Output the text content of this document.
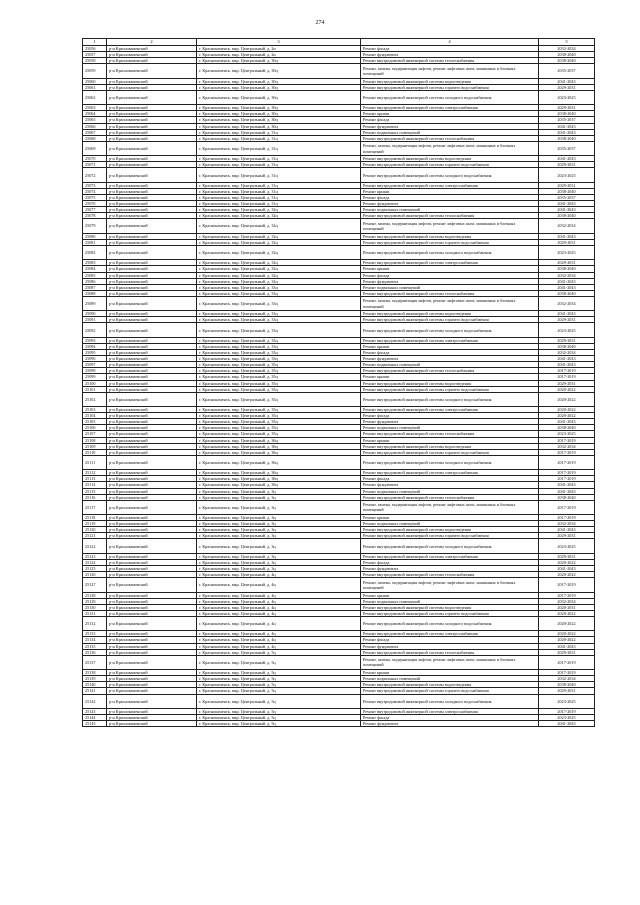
274
1	2	3	4	5
25056	р-н Краснокаменский	г. Краснокаменск, мкр. Центральный, д. 2и	Ремонт фасада	2032-2034
25057	р-н Краснокаменский	г. Краснокаменск, мкр. Центральный, д. 2и	Ремонт фундамента	2038-2040
25058	р-н Краснокаменский	г. Краснокаменск, мкр. Центральный, д. 30ц	Ремонт внутридомовой инженерной системы теплоснабжения	2038-2040
25059	р-н Краснокаменский	г. Краснокаменск, мкр. Центральный, д. 30ц	Ремонт, замена, модернизация лифтов, ремонт лифтовых шахт, машинных и блочных помещений	2035-2037
25060	р-н Краснокаменский	г. Краснокаменск, мкр. Центральный, д. 30ц	Ремонт внутридомовой инженерной системы водоотведения	2041-2043
25061	р-н Краснокаменский	г. Краснокаменск, мкр. Центральный, д. 30ц	Ремонт внутридомовой инженерной системы горячего водоснабжения	2029-2031
25062	р-н Краснокаменский	г. Краснокаменск, мкр. Центральный, д. 30ц	Ремонт внутридомовой инженерной системы холодного водоснабжения	2023-2025
25063	р-н Краснокаменский	г. Краснокаменск, мкр. Центральный, д. 30ц	Ремонт внутридомовой инженерной системы электроснабжения	2029-2031
25064	р-н Краснокаменский	г. Краснокаменск, мкр. Центральный, д. 30ц	Ремонт крыши	2038-2040
25065	р-н Краснокаменский	г. Краснокаменск, мкр. Центральный, д. 30ц	Ремонт фасада	2035-2037
25066	р-н Краснокаменский	г. Краснокаменск, мкр. Центральный, д. 30ц	Ремонт фундамента	2041-2043
25067	р-н Краснокаменский	г. Краснокаменск, мкр. Центральный, д. 31ц	Ремонт подвальных помещений	2041-2043
25068	р-н Краснокаменский	г. Краснокаменск, мкр. Центральный, д. 31ц	Ремонт внутридомовой инженерной системы теплоснабжения	2038-2040
25069	р-н Краснокаменский	г. Краснокаменск, мкр. Центральный, д. 31ц	Ремонт, замена, модернизация лифтов, ремонт лифтовых шахт, машинных и блочных помещений	2035-2037
25070	р-н Краснокаменский	г. Краснокаменск, мкр. Центральный, д. 31ц	Ремонт внутридомовой инженерной системы водоотведения	2041-2043
25071	р-н Краснокаменский	г. Краснокаменск, мкр. Центральный, д. 31ц	Ремонт внутридомовой инженерной системы горячего водоснабжения	2029-2031
25072	р-н Краснокаменский	г. Краснокаменск, мкр. Центральный, д. 31ц	Ремонт внутридомовой инженерной системы холодного водоснабжения	2023-2025
25073	р-н Краснокаменский	г. Краснокаменск, мкр. Центральный, д. 31ц	Ремонт внутридомовой инженерной системы электроснабжения	2029-2031
25074	р-н Краснокаменский	г. Краснокаменск, мкр. Центральный, д. 31ц	Ремонт крыши	2038-2040
25075	р-н Краснокаменский	г. Краснокаменск, мкр. Центральный, д. 31ц	Ремонт фасада	2035-2037
25076	р-н Краснокаменский	г. Краснокаменск, мкр. Центральный, д. 31ц	Ремонт фундамента	2041-2043
25077	р-н Краснокаменский	г. Краснокаменск, мкр. Центральный, д. 32ц	Ремонт подвальных помещений	2041-2043
25078	р-н Краснокаменский	г. Краснокаменск, мкр. Центральный, д. 32ц	Ремонт внутридомовой инженерной системы теплоснабжения	2038-2040
25079	р-н Краснокаменский	г. Краснокаменск, мкр. Центральный, д. 32ц	Ремонт, замена, модернизация лифтов, ремонт лифтовых шахт, машинных и блочных помещений	2032-2034
25080	р-н Краснокаменский	г. Краснокаменск, мкр. Центральный, д. 32ц	Ремонт внутридомовой инженерной системы водоотведения	2041-2043
25081	р-н Краснокаменский	г. Краснокаменск, мкр. Центральный, д. 32ц	Ремонт внутридомовой инженерной системы горячего водоснабжения	2029-2031
25082	р-н Краснокаменский	г. Краснокаменск, мкр. Центральный, д. 32ц	Ремонт внутридомовой инженерной системы холодного водоснабжения	2023-2025
25083	р-н Краснокаменский	г. Краснокаменск, мкр. Центральный, д. 32ц	Ремонт внутридомовой инженерной системы электроснабжения	2029-2031
25084	р-н Краснокаменский	г. Краснокаменск, мкр. Центральный, д. 32ц	Ремонт крыши	2038-2040
25085	р-н Краснокаменский	г. Краснокаменск, мкр. Центральный, д. 32ц	Ремонт фасада	2032-2034
25086	р-н Краснокаменский	г. Краснокаменск, мкр. Центральный, д. 32ц	Ремонт фундамента	2041-2043
25087	р-н Краснокаменский	г. Краснокаменск, мкр. Центральный, д. 33ц	Ремонт подвальных помещений	2041-2043
25088	р-н Краснокаменский	г. Краснокаменск, мкр. Центральный, д. 33ц	Ремонт внутридомовой инженерной системы теплоснабжения	2038-2040
25089	р-н Краснокаменский	г. Краснокаменск, мкр. Центральный, д. 33ц	Ремонт, замена, модернизация лифтов, ремонт лифтовых шахт, машинных и блочных помещений	2032-2034
25090	р-н Краснокаменский	г. Краснокаменск, мкр. Центральный, д. 33ц	Ремонт внутридомовой инженерной системы водоотведения	2041-2043
25091	р-н Краснокаменский	г. Краснокаменск, мкр. Центральный, д. 33ц	Ремонт внутридомовой инженерной системы горячего водоснабжения	2029-2031
25092	р-н Краснокаменский	г. Краснокаменск, мкр. Центральный, д. 33ц	Ремонт внутридомовой инженерной системы холодного водоснабжения	2023-2025
25093	р-н Краснокаменский	г. Краснокаменск, мкр. Центральный, д. 33ц	Ремонт внутридомовой инженерной системы электроснабжения	2029-2031
25094	р-н Краснокаменский	г. Краснокаменск, мкр. Центральный, д. 33ц	Ремонт крыши	2038-2040
25095	р-н Краснокаменский	г. Краснокаменск, мкр. Центральный, д. 33ц	Ремонт фасада	2032-2034
25096	р-н Краснокаменский	г. Краснокаменск, мкр. Центральный, д. 33ц	Ремонт фундамента	2041-2043
25097	р-н Краснокаменский	г. Краснокаменск, мкр. Центральный, д. 35ц	Ремонт подвальных помещений	2041-2043
25098	р-н Краснокаменский	г. Краснокаменск, мкр. Центральный, д. 35ц	Ремонт внутридомовой инженерной системы теплоснабжения	2017-2019
25099	р-н Краснокаменский	г. Краснокаменск, мкр. Центральный, д. 35ц	Ремонт крыши	2017-2019
25100	р-н Краснокаменский	г. Краснокаменск, мкр. Центральный, д. 35ц	Ремонт внутридомовой инженерной системы водоотведения	2029-2031
25101	р-н Краснокаменский	г. Краснокаменск, мкр. Центральный, д. 35ц	Ремонт внутридомовой инженерной системы горячего водоснабжения	2020-2022
25102	р-н Краснокаменский	г. Краснокаменск, мкр. Центральный, д. 35ц	Ремонт внутридомовой инженерной системы холодного водоснабжения	2020-2022
25103	р-н Краснокаменский	г. Краснокаменск, мкр. Центральный, д. 35ц	Ремонт внутридомовой инженерной системы электроснабжения	2020-2022
25104	р-н Краснокаменский	г. Краснокаменск, мкр. Центральный, д. 35ц	Ремонт фасада	2020-2022
25105	р-н Краснокаменский	г. Краснокаменск, мкр. Центральный, д. 35ц	Ремонт фундамента	2041-2043
25106	р-н Краснокаменский	г. Краснокаменск, мкр. Центральный, д. 35ц	Ремонт подвальных помещений	2038-2040
25107	р-н Краснокаменский	г. Краснокаменск, мкр. Центральный, д. 35ц	Ремонт внутридомовой инженерной системы теплоснабжения	2023-2025
25108	р-н Краснокаменский	г. Краснокаменск, мкр. Центральный, д. 36ц	Ремонт крыши	2017-2019
25109	р-н Краснокаменский	г. Краснокаменск, мкр. Центральный, д. 36ц	Ремонт внутридомовой инженерной системы водоотведения	2032-2034
25110	р-н Краснокаменский	г. Краснокаменск, мкр. Центральный, д. 36ц	Ремонт внутридомовой инженерной системы горячего водоснабжения	2017-2019
25111	р-н Краснокаменский	г. Краснокаменск, мкр. Центральный, д. 36ц	Ремонт внутридомовой инженерной системы холодного водоснабжения	2017-2019
25112	р-н Краснокаменский	г. Краснокаменск, мкр. Центральный, д. 36ц	Ремонт внутридомовой инженерной системы электроснабжения	2017-2019
25113	р-н Краснокаменский	г. Краснокаменск, мкр. Центральный, д. 36ц	Ремонт фасада	2017-2019
25114	р-н Краснокаменский	г. Краснокаменск, мкр. Центральный, д. 36ц	Ремонт фундамента	2041-2043
25115	р-н Краснокаменский	г. Краснокаменск, мкр. Центральный, д. 3ц	Ремонт подвальных помещений	2041-2043
25116	р-н Краснокаменский	г. Краснокаменск, мкр. Центральный, д. 3ц	Ремонт внутридомовой инженерной системы теплоснабжения	2038-2040
25117	р-н Краснокаменский	г. Краснокаменск, мкр. Центральный, д. 3ц	Ремонт, замена, модернизация лифтов, ремонт лифтовых шахт, машинных и блочных помещений	2017-2019
25118	р-н Краснокаменский	г. Краснокаменск, мкр. Центральный, д. 3ц	Ремонт крыши	2017-2019
25119	р-н Краснокаменский	г. Краснокаменск, мкр. Центральный, д. 3ц	Ремонт подвальных помещений	2032-2034
25120	р-н Краснокаменский	г. Краснокаменск, мкр. Центральный, д. 3ц	Ремонт внутридомовой инженерной системы водоотведения	2041-2043
25121	р-н Краснокаменский	г. Краснокаменск, мкр. Центральный, д. 3ц	Ремонт внутридомовой инженерной системы горячего водоснабжения	2029-2031
25122	р-н Краснокаменский	г. Краснокаменск, мкр. Центральный, д. 3ц	Ремонт внутридомовой инженерной системы холодного водоснабжения	2023-2025
25123	р-н Краснокаменский	г. Краснокаменск, мкр. Центральный, д. 3ц	Ремонт внутридомовой инженерной системы электроснабжения	2029-2031
25124	р-н Краснокаменский	г. Краснокаменск, мкр. Центральный, д. 3ц	Ремонт фасада	2020-2022
25125	р-н Краснокаменский	г. Краснокаменск, мкр. Центральный, д. 3ц	Ремонт фундамента	2041-2043
25126	р-н Краснокаменский	г. Краснокаменск, мкр. Центральный, д. 4ц	Ремонт внутридомовой инженерной системы теплоснабжения	2020-2022
25127	р-н Краснокаменский	г. Краснокаменск, мкр. Центральный, д. 4ц	Ремонт, замена, модернизация лифтов, ремонт лифтовых шахт, машинных и блочных помещений	2017-2019
25128	р-н Краснокаменский	г. Краснокаменск, мкр. Центральный, д. 4ц	Ремонт крыши	2017-2019
25129	р-н Краснокаменский	г. Краснокаменск, мкр. Центральный, д. 4ц	Ремонт подвальных помещений	2032-2034
25130	р-н Краснокаменский	г. Краснокаменск, мкр. Центральный, д. 4ц	Ремонт внутридомовой инженерной системы водоотведения	2020-2031
25131	р-н Краснокаменский	г. Краснокаменск, мкр. Центральный, д. 4ц	Ремонт внутридомовой инженерной системы горячего водоснабжения	2020-2022
25132	р-н Краснокаменский	г. Краснокаменск, мкр. Центральный, д. 4ц	Ремонт внутридомовой инженерной системы холодного водоснабжения	2020-2022
25133	р-н Краснокаменский	г. Краснокаменск, мкр. Центральный, д. 4ц	Ремонт внутридомовой инженерной системы электроснабжения	2020-2022
25134	р-н Краснокаменский	г. Краснокаменск, мкр. Центральный, д. 4ц	Ремонт фасада	2020-2022
25135	р-н Краснокаменский	г. Краснокаменск, мкр. Центральный, д. 4ц	Ремонт фундамента	2041-2043
25136	р-н Краснокаменский	г. Краснокаменск, мкр. Центральный, д. 5ц	Ремонт внутридомовой инженерной системы теплоснабжения	2029-2031
25137	р-н Краснокаменский	г. Краснокаменск, мкр. Центральный, д. 5ц	Ремонт, замена, модернизация лифтов, ремонт лифтовых шахт, машинных и блочных помещений	2017-2019
25138	р-н Краснокаменский	г. Краснокаменск, мкр. Центральный, д. 5ц	Ремонт крыши	2017-2019
25139	р-н Краснокаменский	г. Краснокаменск, мкр. Центральный, д. 5ц	Ремонт подвальных помещений	2032-2034
25140	р-н Краснокаменский	г. Краснокаменск, мкр. Центральный, д. 5ц	Ремонт внутридомовой инженерной системы водоотведения	2038-2040
25141	р-н Краснокаменский	г. Краснокаменск, мкр. Центральный, д. 5ц	Ремонт внутридомовой инженерной системы горячего водоснабжения	2029-2031
25142	р-н Краснокаменский	г. Краснокаменск, мкр. Центральный, д. 5ц	Ремонт внутридомовой инженерной системы холодного водоснабжения	2023-2025
25143	р-н Краснокаменский	г. Краснокаменск, мкр. Центральный, д. 5ц	Ремонт внутридомовой инженерной системы электроснабжения	2017-2019
25144	р-н Краснокаменский	г. Краснокаменск, мкр. Центральный, д. 5ц	Ремонт фасада	2023-2025
25145	р-н Краснокаменский	г. Краснокаменск, мкр. Центральный, д. 5ц	Ремонт фундамента	2041-2043
